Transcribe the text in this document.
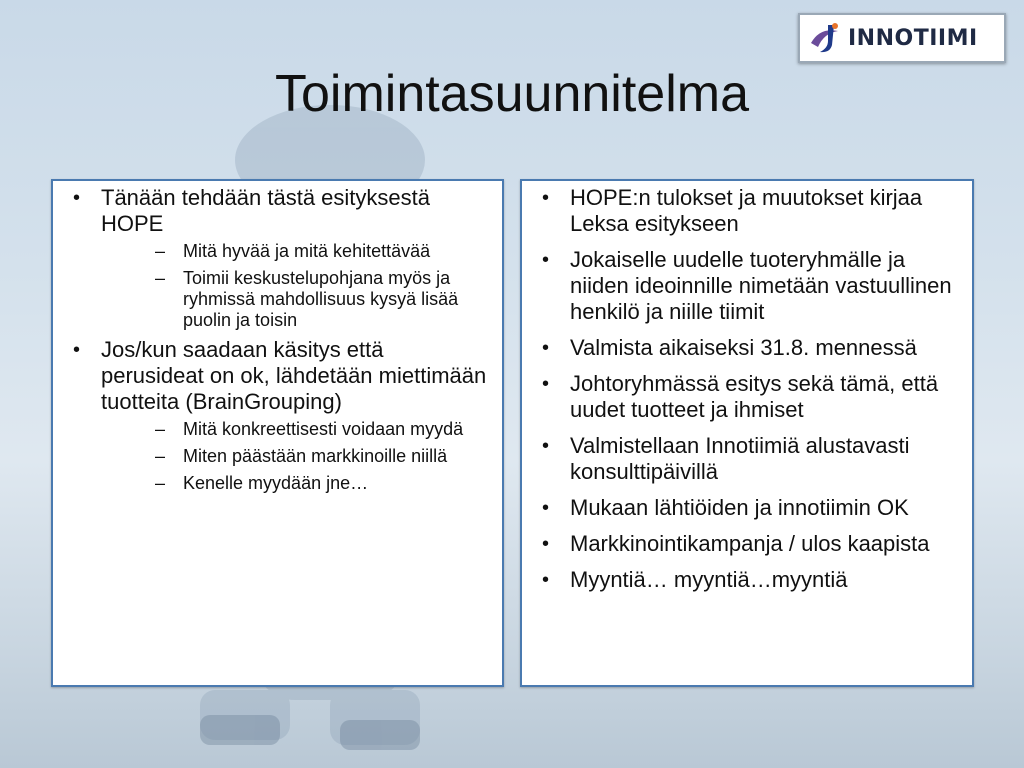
INNOTIIMI
Toimintasuunnitelma
• Tänään tehdään tästä esityksestä HOPE
– Mitä hyvää ja mitä kehitettävää
– Toimii keskustelupohjana myös ja ryhmissä mahdollisuus kysyä lisää puolin ja toisin
• Jos/kun saadaan käsitys että perusideat on ok, lähdetään miettimään tuotteita (BrainGrouping)
– Mitä konkreettisesti voidaan myydä
– Miten päästään markkinoille niillä
– Kenelle myydään jne…
• HOPE:n tulokset ja muutokset kirjaa Leksa esitykseen
• Jokaiselle uudelle tuoteryhmälle ja niiden ideoinnille nimetään vastuullinen henkilö ja niille tiimit
• Valmista aikaiseksi 31.8. mennessä
• Johtoryhmässä esitys sekä tämä, että uudet tuotteet ja ihmiset
• Valmistellaan Innotiimiä alustavasti konsulttipäivillä
• Mukaan lähtiöiden ja innotiimin OK
• Markkinointikampanja / ulos kaapista
• Myyntiä… myyntiä…myyntiä
